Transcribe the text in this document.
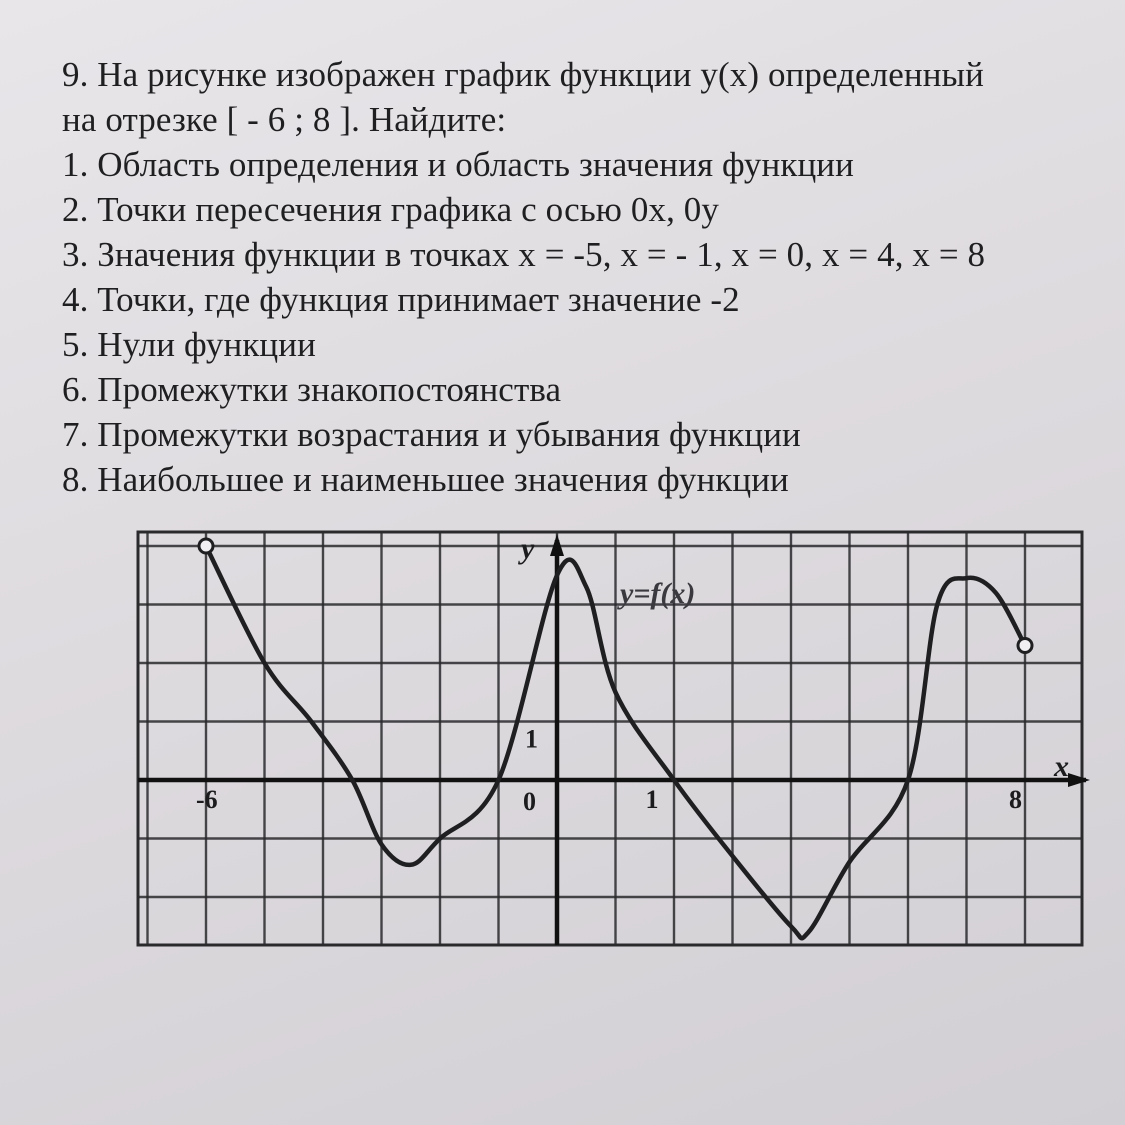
9. На рисунке изображен график функции y(x) определенный
на отрезке [ - 6 ; 8 ]. Найдите:
1. Область определения и область значения функции
2. Точки пересечения графика с осью 0x, 0y
3. Значения функции в точках x = -5, x = - 1, x = 0, x = 4, x = 8
4. Точки, где функция принимает значение -2
5. Нули функции
6. Промежутки знакопостоянства
7. Промежутки возрастания и убывания функции
8. Наибольшее и наименьшее значения функции
x
y
0
-6	1	8
1
y=f(x)
